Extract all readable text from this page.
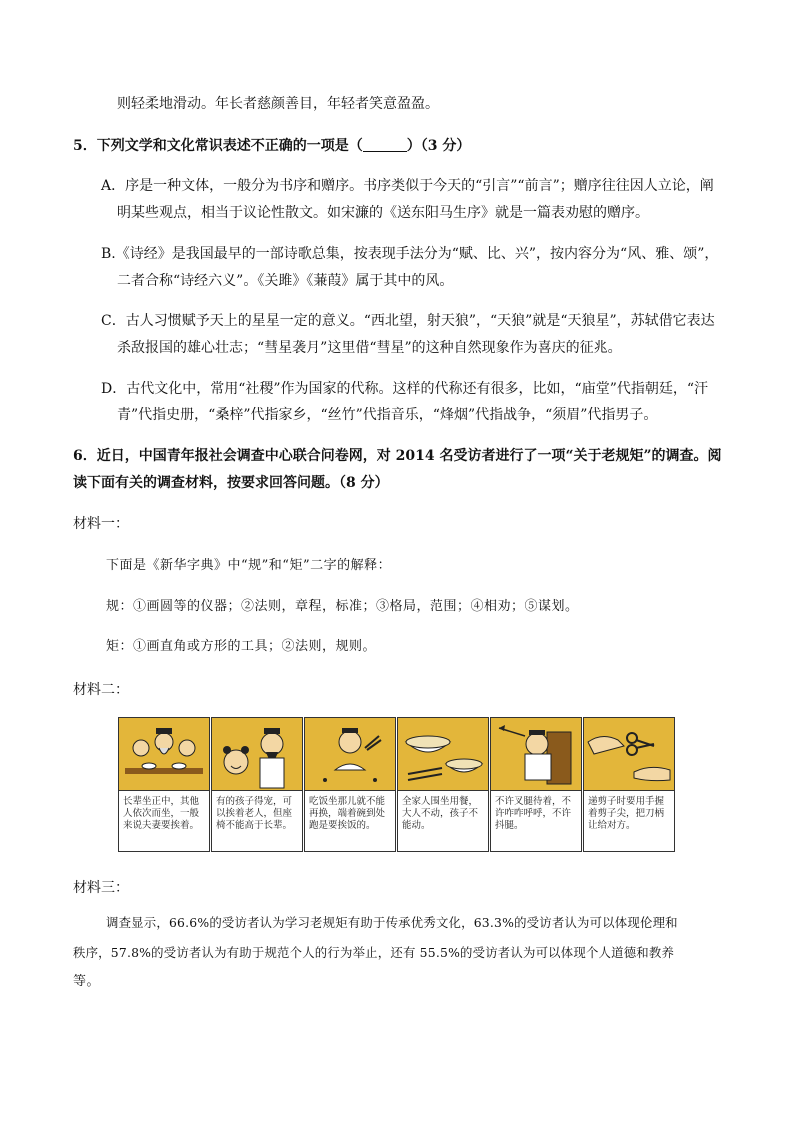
则轻柔地滑动。年长者慈颜善目，年轻者笑意盈盈。
5．下列文学和文化常识表述不正确的一项是（	）（3 分）
A．序是一种文体，一般分为书序和赠序。书序类似于今天的“引言”“前言”；赠序往往因人立论，阐
明某些观点，相当于议论性散文。如宋濂的《送东阳马生序》就是一篇表劝慰的赠序。
B.《诗经》是我国最早的一部诗歌总集，按表现手法分为“赋、比、兴”，按内容分为“风、雅、颂”，
二者合称“诗经六义”。《关雎》《蒹葭》属于其中的风。
C．古人习惯赋予天上的星星一定的意义。“西北望，射天狼”，“天狼”就是“天狼星”，苏轼借它表达
杀敌报国的雄心壮志；“彗星袭月”这里借“彗星”的这种自然现象作为喜庆的征兆。
D．古代文化中，常用“社稷”作为国家的代称。这样的代称还有很多，比如，“庙堂”代指朝廷，“汗
青”代指史册，“桑梓”代指家乡，“丝竹”代指音乐，“烽烟”代指战争，“须眉”代指男子。
6．近日，中国青年报社会调查中心联合问卷网，对 2014 名受访者进行了一项“关于老规矩”的调查。阅
读下面有关的调查材料，按要求回答问题。（8 分）
材料一：
下面是《新华字典》中“规”和“矩”二字的解释：
规：①画圆等的仪器；②法则，章程，标准；③格局，范围；④相劝；⑤谋划。
矩：①画直角或方形的工具；②法则，规则。
材料二：
长辈坐正中，其他人依次而坐，一般来说夫妻要挨着。
有的孩子得宠，可以挨着老人，但座椅不能高于长辈。
吃饭坐那儿就不能再换，端着碗到处跑是要挨饭的。
全家人围坐用餐，大人不动，孩子不能动。
不许叉腿待着，不许咋咋呼呼，不许抖腿。
递剪子时要用手握着剪子尖，把刀柄让给对方。
材料三：
调查显示，66.6%的受访者认为学习老规矩有助于传承优秀文化，63.3%的受访者认为可以体现伦理和
秩序，57.8%的受访者认为有助于规范个人的行为举止，还有 55.5%的受访者认为可以体现个人道德和教养
等。
